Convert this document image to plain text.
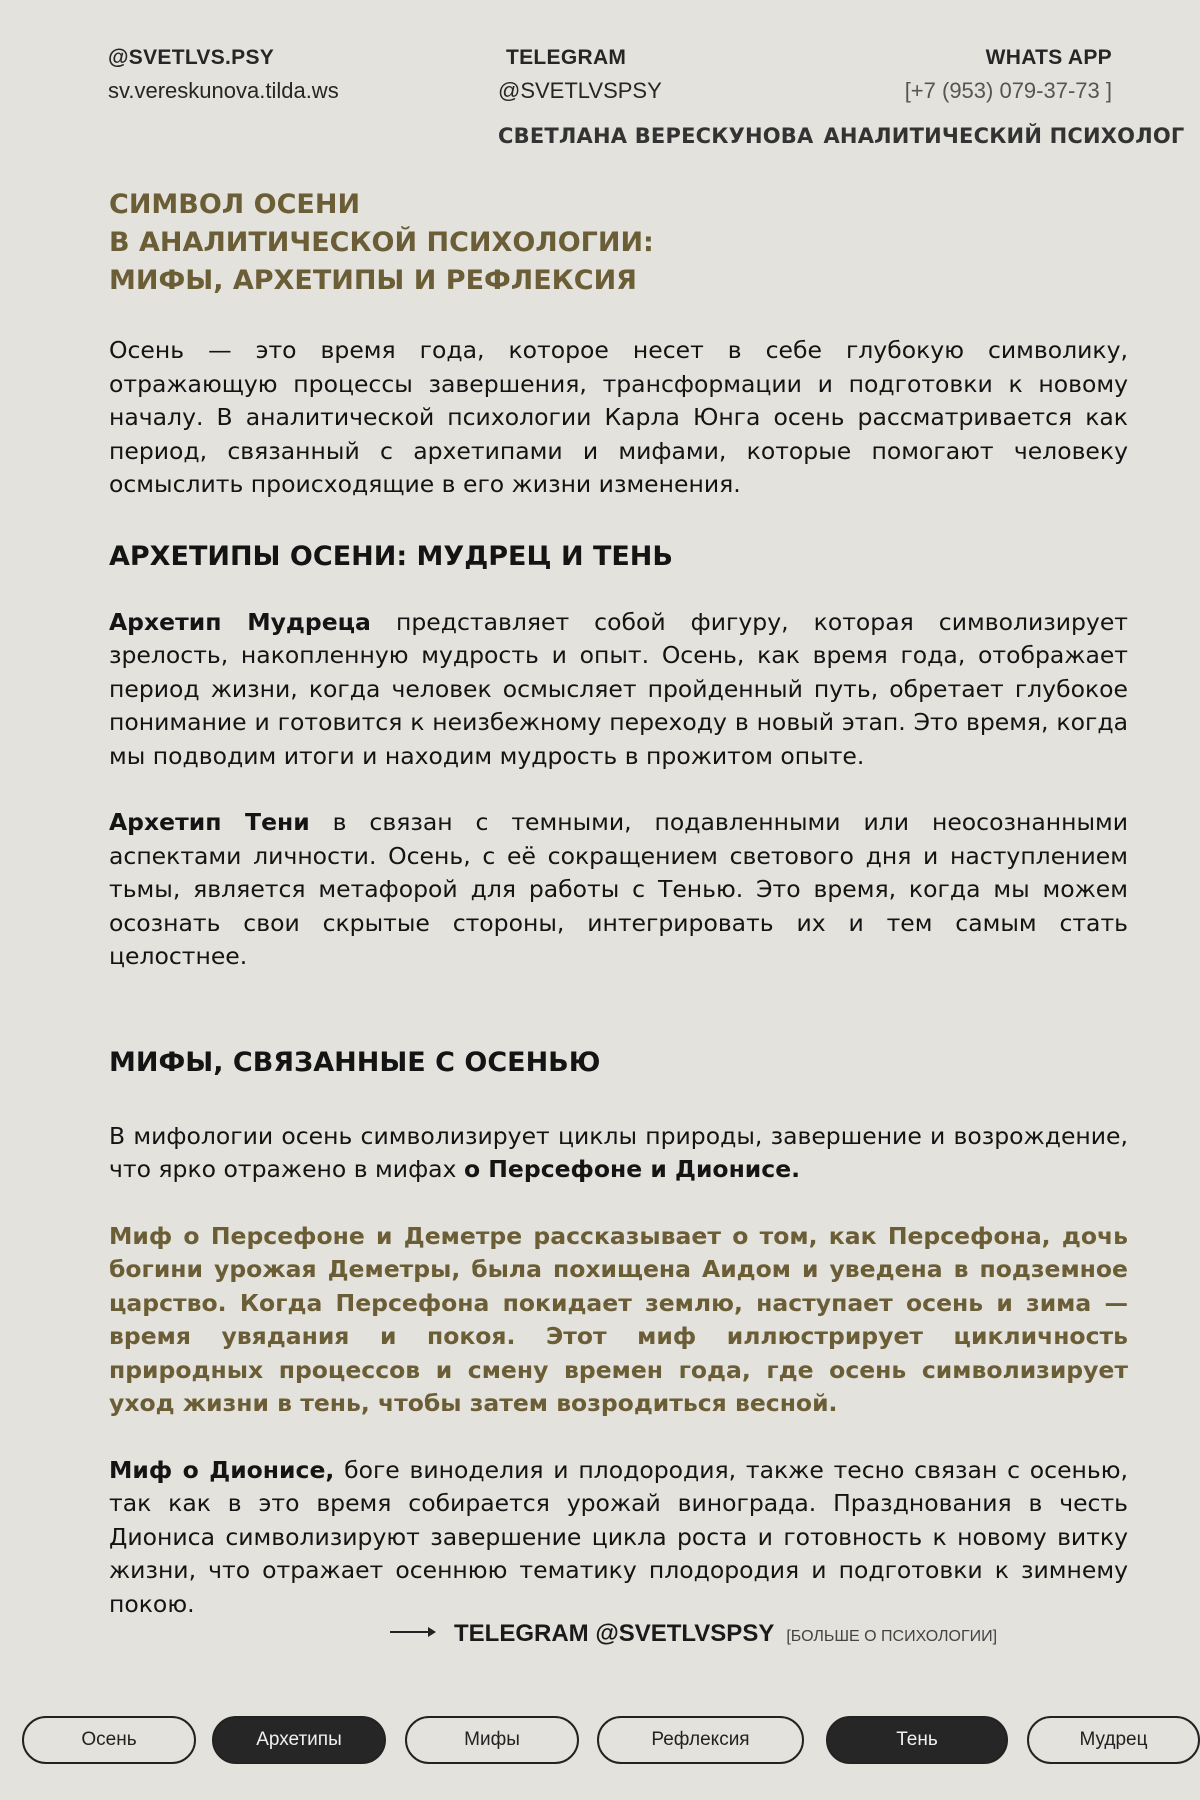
@SVETLVS.PSY
sv.vereskunova.tilda.ws
TELEGRAM
@SVETLVSPSY
WHATS APP
[+7 (953) 079-37-73 ]
СВЕТЛАНА ВЕРЕСКУНОВА АНАЛИТИЧЕСКИЙ ПСИХОЛОГ
СИМВОЛ ОСЕНИ
В АНАЛИТИЧЕСКОЙ ПСИХОЛОГИИ:
МИФЫ, АРХЕТИПЫ И РЕФЛЕКСИЯ

Осень — это время года, которое несет в себе глубокую символику, отражающую процессы завершения, трансформации и подготовки к новому началу. В аналитической психологии Карла Юнга осень рассматривается как период, связанный с архетипами и мифами, которые помогают человеку осмыслить происходящие в его жизни изменения.

АРХЕТИПЫ ОСЕНИ: МУДРЕЦ И ТЕНЬ

Архетип Мудреца представляет собой фигуру, которая символизирует зрелость, накопленную мудрость и опыт. Осень, как время года, отображает период жизни, когда человек осмысляет пройденный путь, обретает глубокое понимание и готовится к неизбежному переходу в новый этап. Это время, когда мы подводим итоги и находим мудрость в прожитом опыте.

Архетип Тени в связан с темными, подавленными или неосознанными аспектами личности. Осень, с её сокращением светового дня и наступлением тьмы, является метафорой для работы с Тенью. Это время, когда мы можем осознать свои скрытые стороны, интегрировать их и тем самым стать целостнее.

МИФЫ, СВЯЗАННЫЕ С ОСЕНЬЮ

В мифологии осень символизирует циклы природы, завершение и возрождение, что ярко отражено в мифах о Персефоне и Дионисе.

Миф о Персефоне и Деметре рассказывает о том, как Персефона, дочь богини урожая Деметры, была похищена Аидом и уведена в подземное царство. Когда Персефона покидает землю, наступает осень и зима — время увядания и покоя. Этот миф иллюстрирует цикличность природных процессов и смену времен года, где осень символизирует уход жизни в тень, чтобы затем возродиться весной.

Миф о Дионисе, боге виноделия и плодородия, также тесно связан с осенью, так как в это время собирается урожай винограда. Празднования в честь Диониса символизируют завершение цикла роста и готовность к новому витку жизни, что отражает осеннюю тематику плодородия и подготовки к зимнему покою.

TELEGRAM @SVETLVSPSY [БОЛЬШЕ О ПСИХОЛОГИИ]
Осень	Архетипы	Мифы	Рефлексия	Тень	Мудрец
